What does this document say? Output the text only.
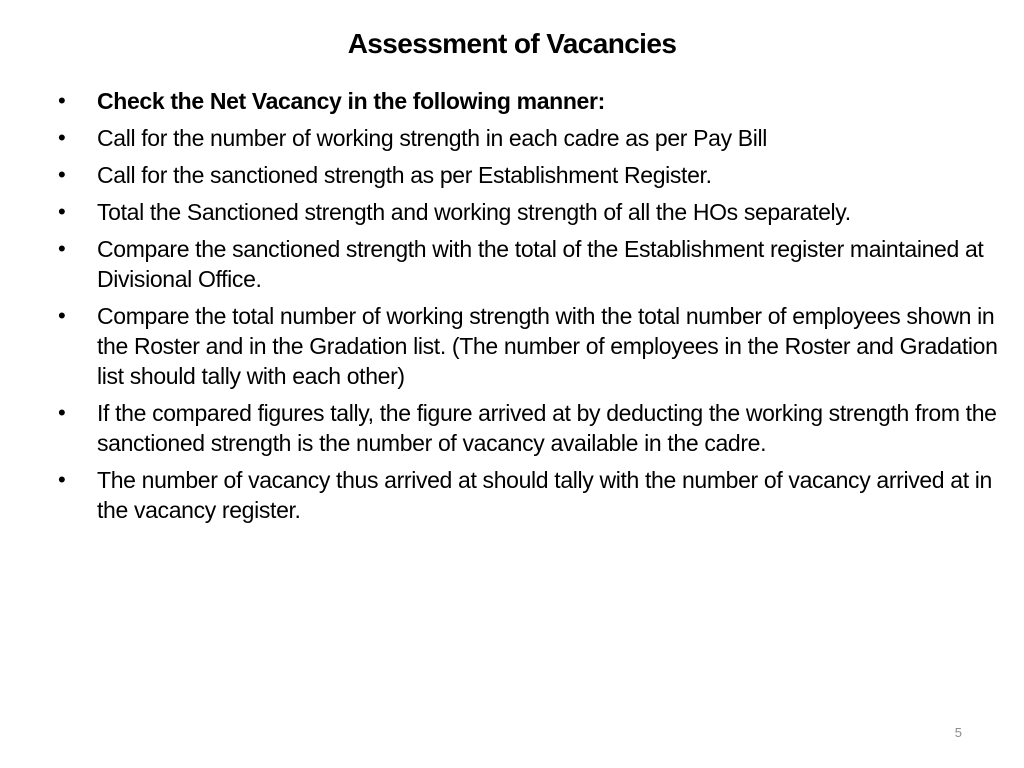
Assessment of Vacancies
• Check the Net Vacancy in the following manner:
• Call for the number of working strength in each cadre as per Pay Bill
• Call for the sanctioned strength as per Establishment Register.
• Total the Sanctioned strength and working strength of all the HOs separately.
• Compare the sanctioned strength with the total of the Establishment register maintained at Divisional Office.
• Compare the total number of working strength with the total number of employees shown in the Roster and in the Gradation list. (The number of employees in the Roster and Gradation list should tally with each other)
• If the compared figures tally, the figure arrived at by deducting the working strength from the sanctioned strength is the number of vacancy available in the cadre.
• The number of vacancy thus arrived at should tally with the number of vacancy arrived at in the vacancy register.
5
